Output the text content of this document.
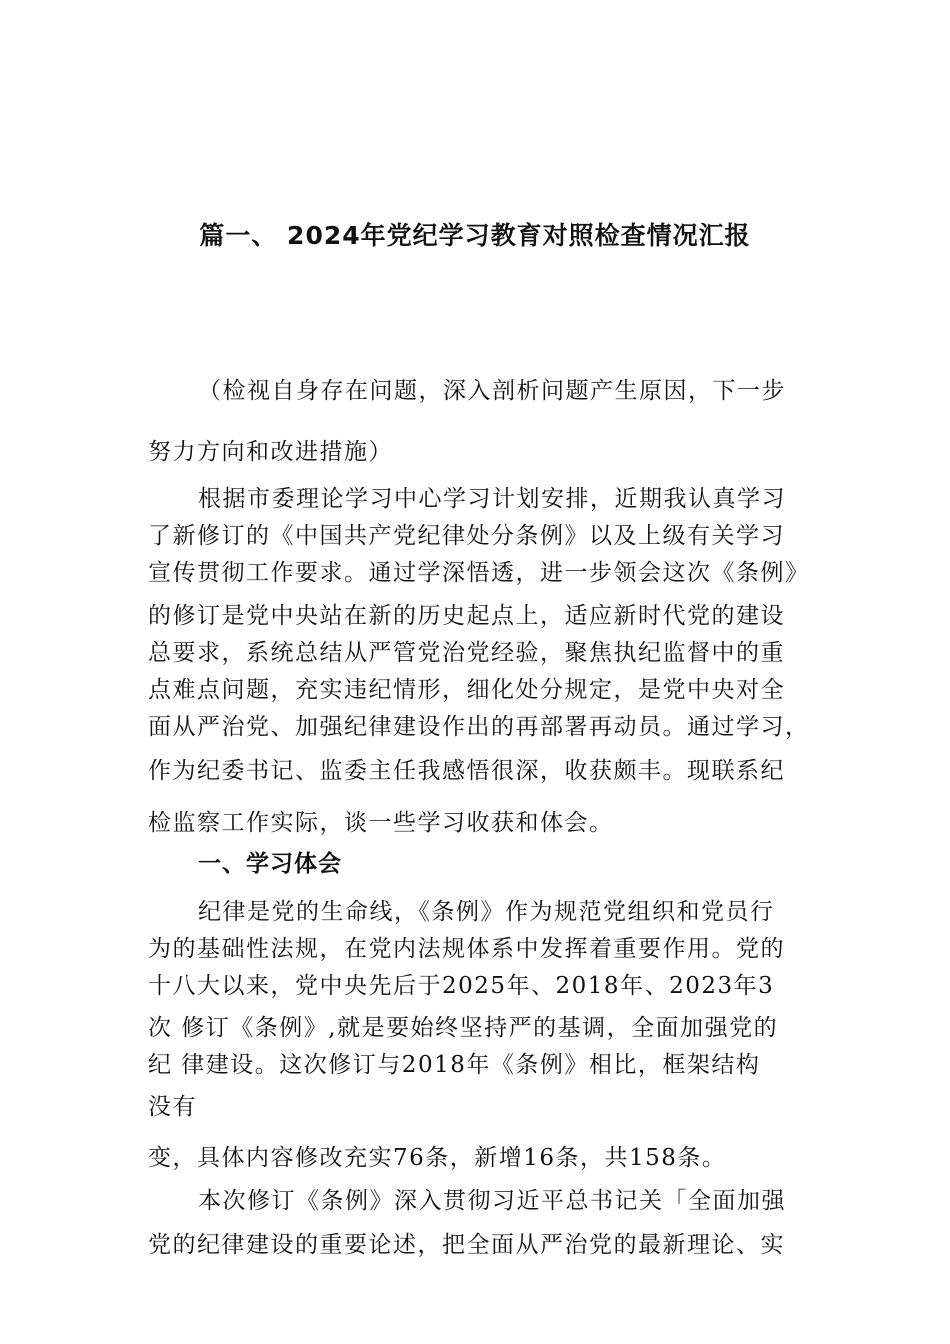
篇一、 2024年党纪学习教育对照检查情况汇报
（检视自身存在问题，深入剖析问题产生原因，下一步
努力方向和改进措施）
根据市委理论学习中心学习计划安排，近期我认真学习
了新修订的《中国共产党纪律处分条例》以及上级有关学习
宣传贯彻工作要求。通过学深悟透，进一步领会这次《条例》
的修订是党中央站在新的历史起点上，适应新时代党的建设
总要求，系统总结从严管党治党经验，聚焦执纪监督中的重
点难点问题，充实违纪情形，细化处分规定，是党中央对全
面从严治党、加强纪律建设作出的再部署再动员。通过学习，
作为纪委书记、监委主任我感悟很深，收获颇丰。现联系纪
检监察工作实际，谈一些学习收获和体会。
一、学习体会
纪律是党的生命线，《条例》作为规范党组织和党员行
为的基础性法规，在党内法规体系中发挥着重要作用。党的
十八大以来，党中央先后于2025年、2018年、2023年3
次 修订《条例》,就是要始终坚持严的基调，全面加强党的
纪 律建设。这次修订与2018年《条例》相比，框架结构
没有
变，具体内容修改充实76条，新增16条，共158条。
本次修订《条例》深入贯彻习近平总书记关「全面加强
党的纪律建设的重要论述，把全面从严治党的最新理论、实
